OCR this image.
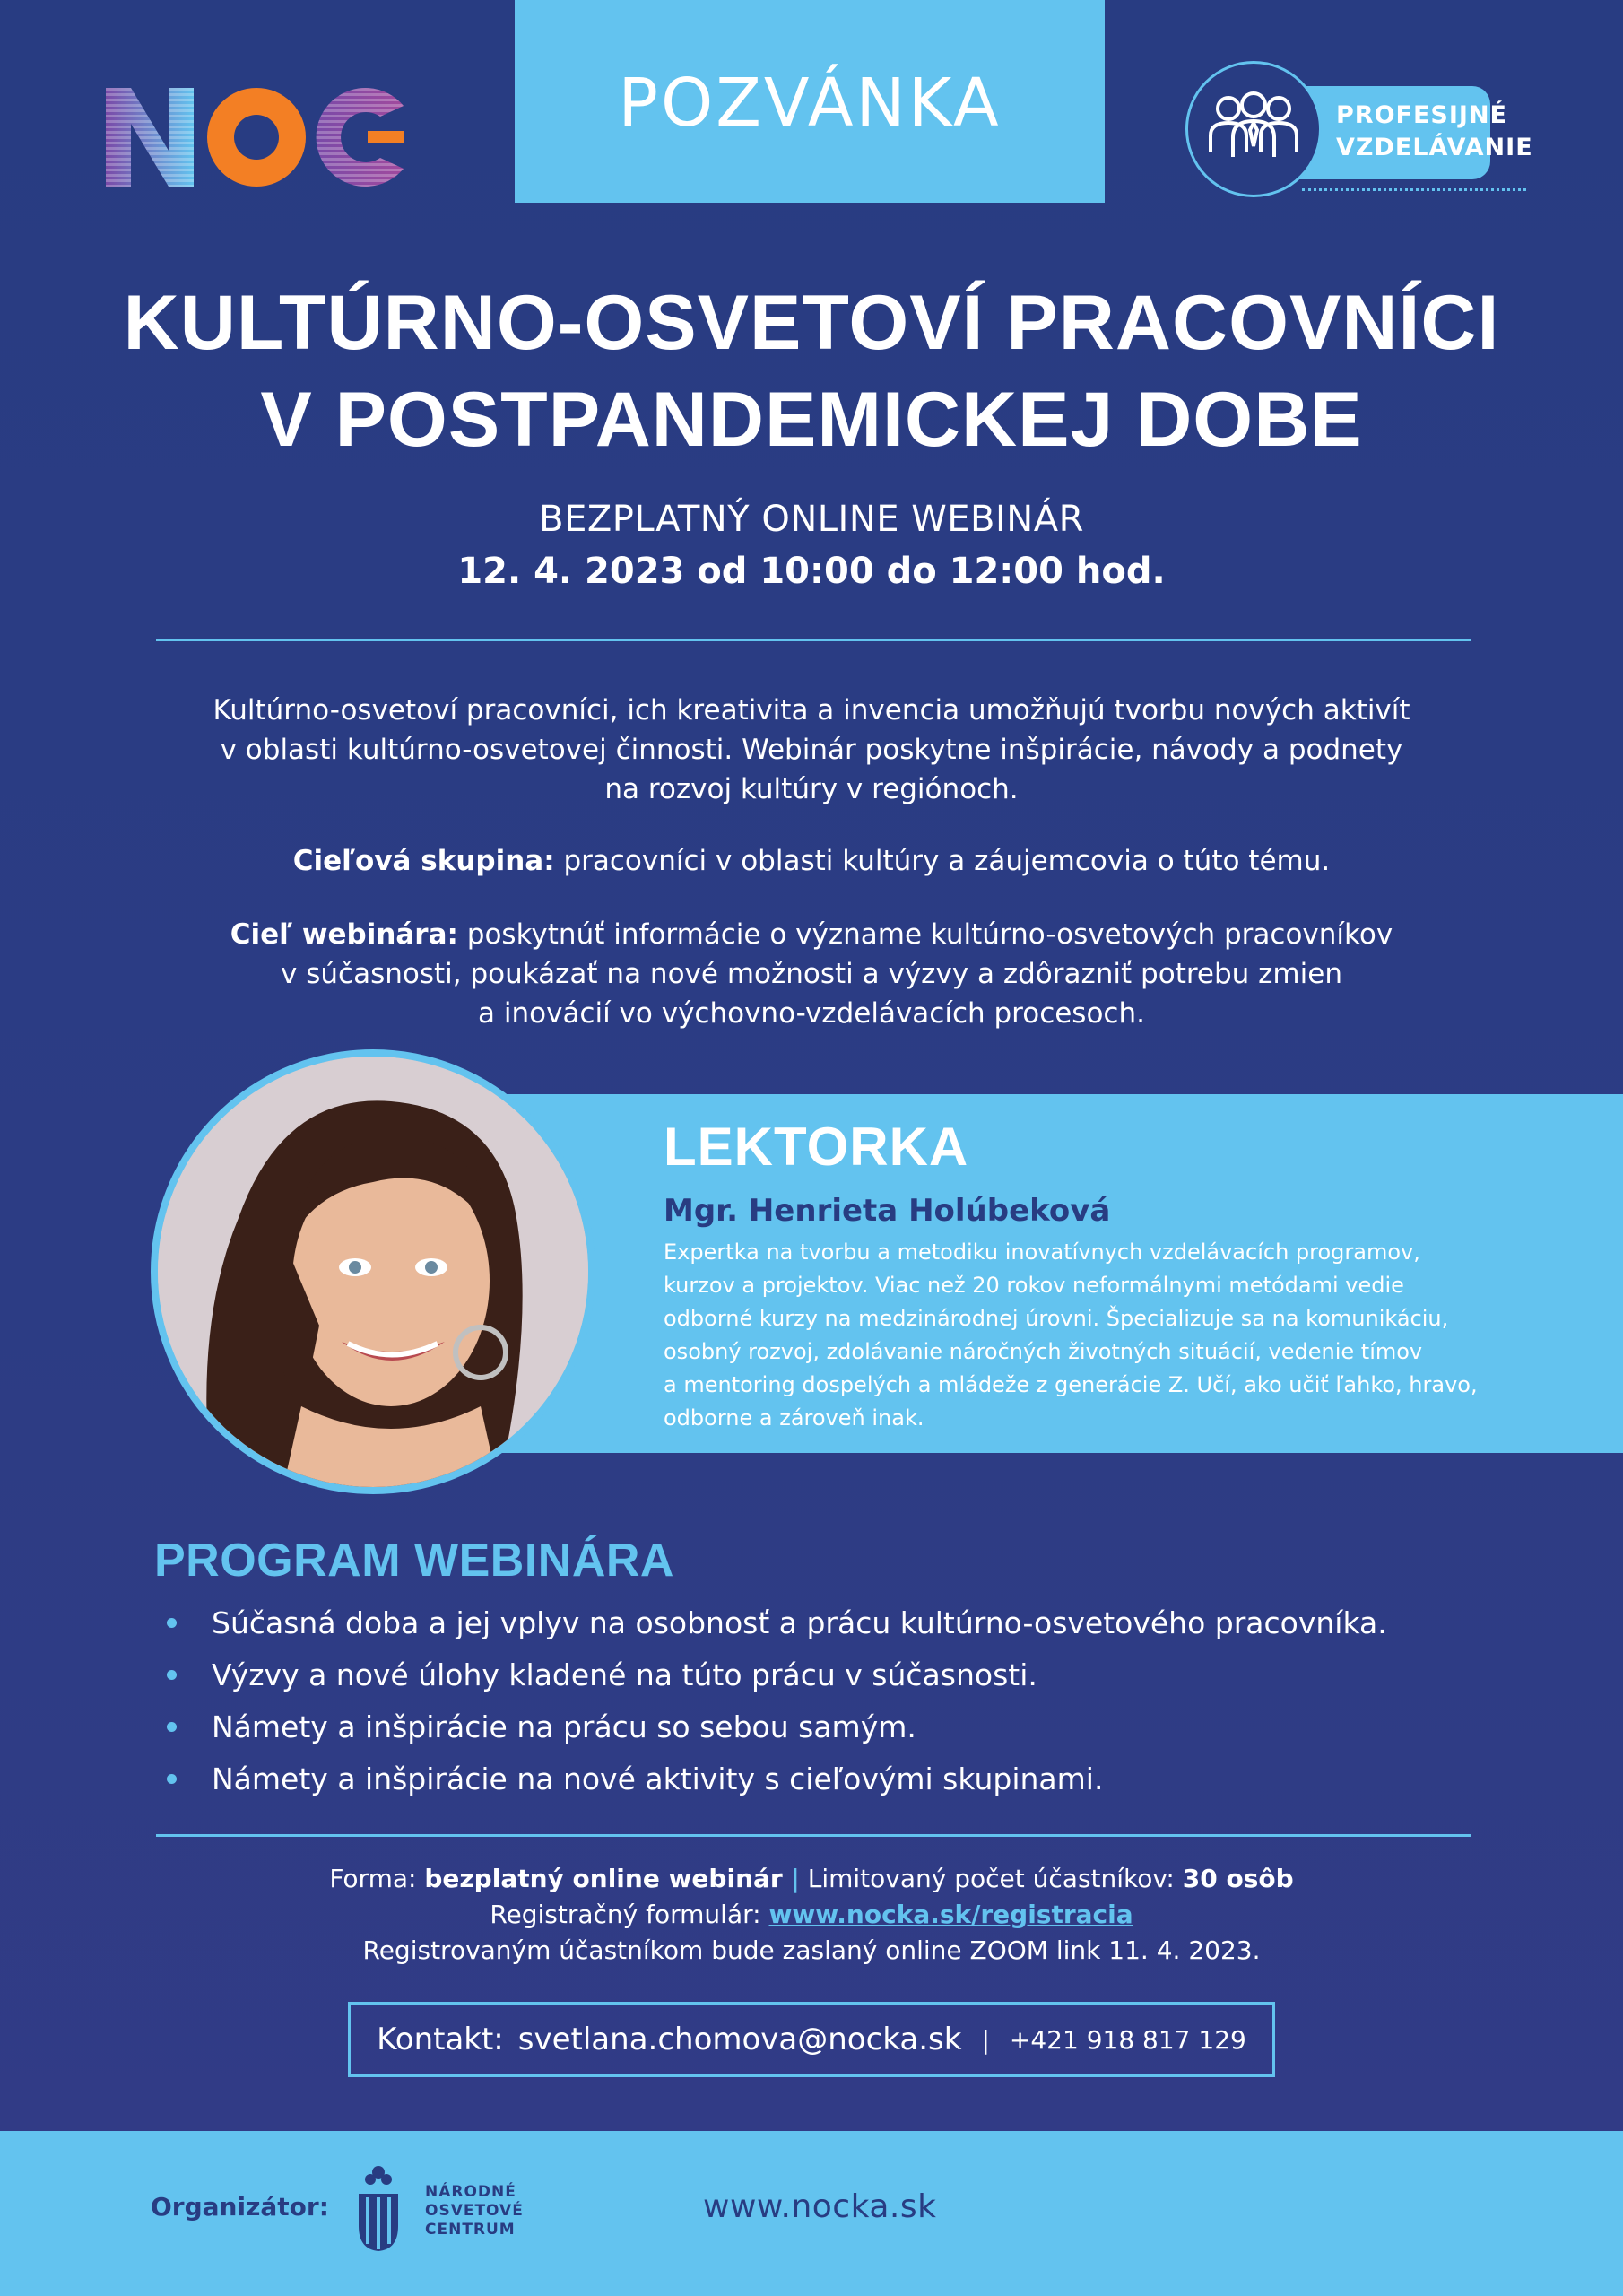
POZVÁNKA	PROFESIJNÉ
VZDELÁVANIE
KULTÚRNO-OSVETOVÍ PRACOVNÍCI
V POSTPANDEMICKEJ DOBE
BEZPLATNÝ ONLINE WEBINÁR
12. 4. 2023 od 10:00 do 12:00 hod.
Kultúrno-osvetoví pracovníci, ich kreativita a invencia umožňujú tvorbu nových aktivít
v oblasti kultúrno-osvetovej činnosti. Webinár poskytne inšpirácie, návody a podnety
na rozvoj kultúry v regiónoch.
Cieľová skupina: pracovníci v oblasti kultúry a záujemcovia o túto tému.
Cieľ webinára: poskytnúť informácie o význame kultúrno-osvetových pracovníkov
v súčasnosti, poukázať na nové možnosti a výzvy a zdôrazniť potrebu zmien
a inovácií vo výchovno-vzdelávacích procesoch.
LEKTORKA
Mgr. Henrieta Holúbeková
Expertka na tvorbu a metodiku inovatívnych vzdelávacích programov,
kurzov a projektov. Viac než 20 rokov neformálnymi metódami vedie
odborné kurzy na medzinárodnej úrovni. Špecializuje sa na komunikáciu,
osobný rozvoj, zdolávanie náročných životných situácií, vedenie tímov
a mentoring dospelých a mládeže z generácie Z. Učí, ako učiť ľahko, hravo,
odborne a zároveň inak.
PROGRAM WEBINÁRA
Súčasná doba a jej vplyv na osobnosť a prácu kultúrno-osvetového pracovníka.
Výzvy a nové úlohy kladené na túto prácu v súčasnosti.
Námety a inšpirácie na prácu so sebou samým.
Námety a inšpirácie na nové aktivity s cieľovými skupinami.
Forma: bezplatný online webinár | Limitovaný počet účastníkov: 30 osôb
Registračný formulár: www.nocka.sk/registracia
Registrovaným účastníkom bude zaslaný online ZOOM link 11. 4. 2023.
Kontakt: svetlana.chomova@nocka.sk | +421 918 817 129
Organizátor:	NÁRODNÉ
OSVETOVÉ
CENTRUM
www.nocka.sk
